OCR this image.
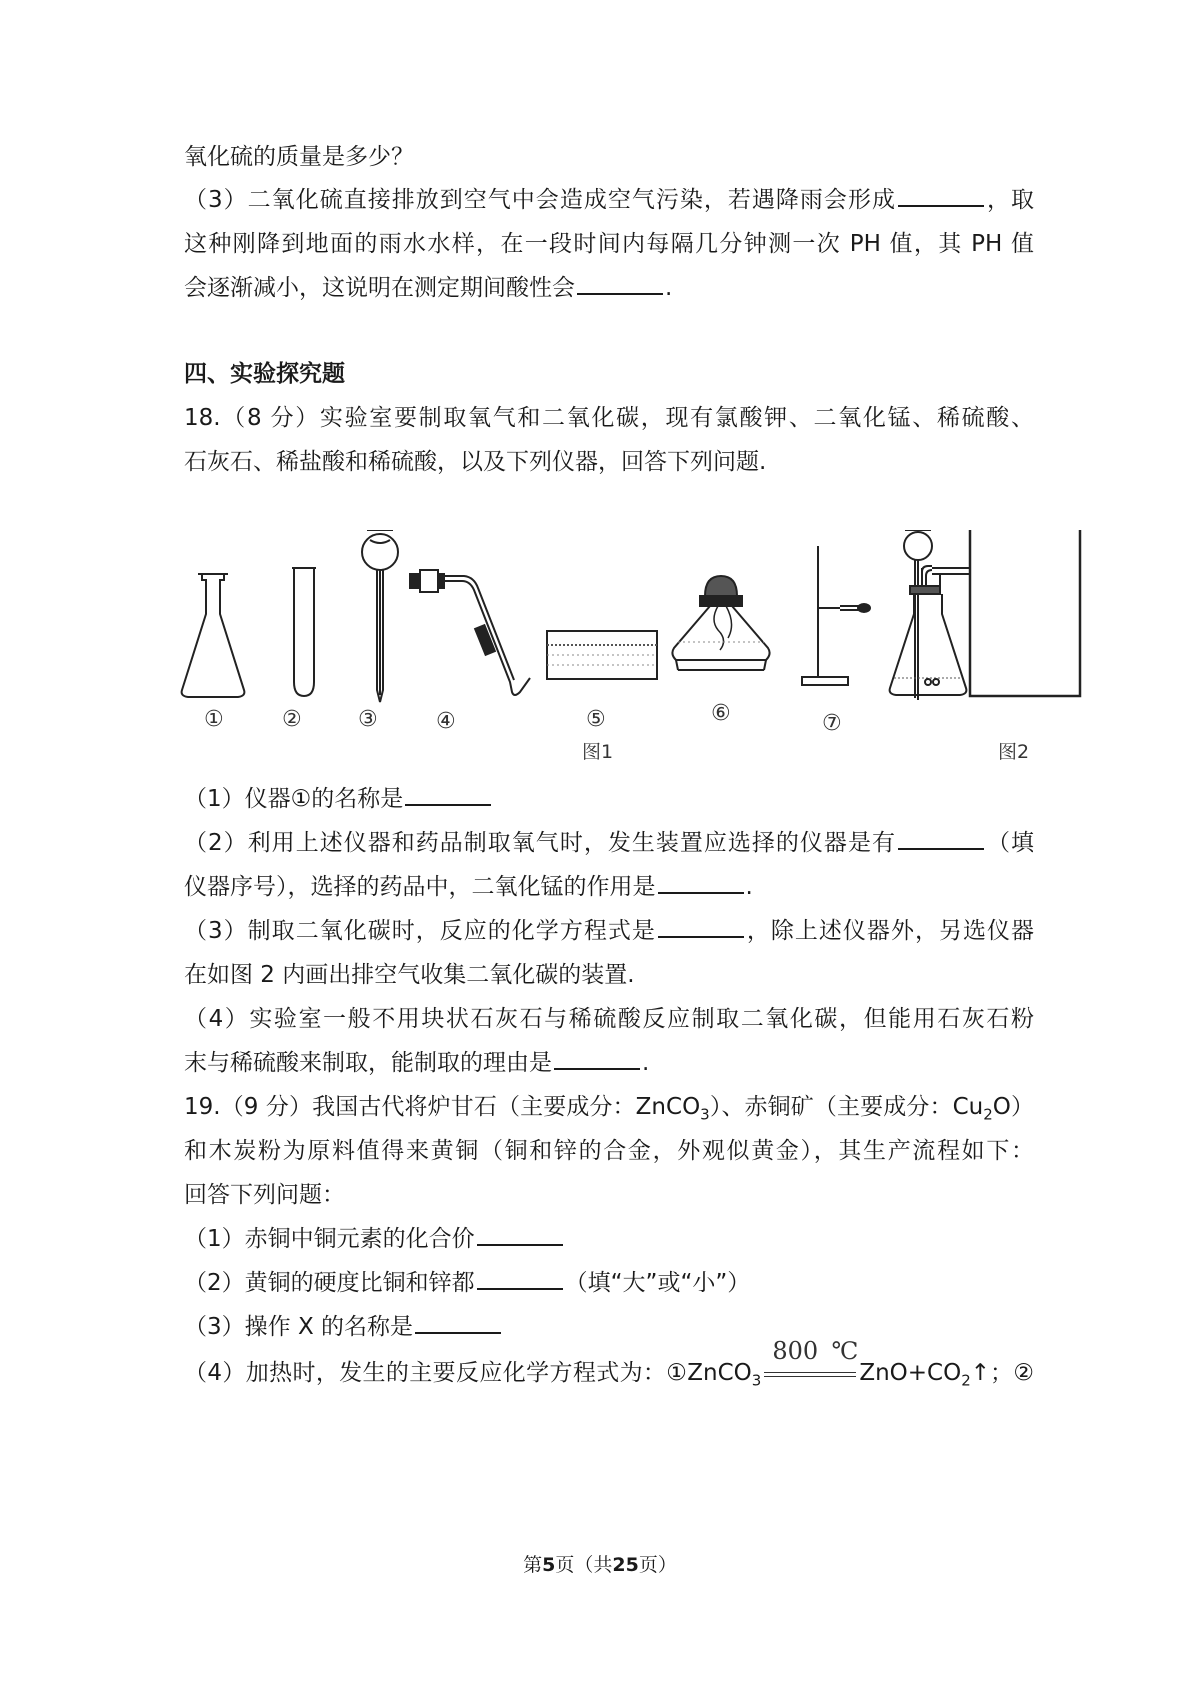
氧化硫的质量是多少？
（3）二氧化硫直接排放到空气中会造成空气污染，若遇降雨会形成	，取
这种刚降到地面的雨水水样，在一段时间内每隔几分钟测一次 PH 值，其 PH 值
会逐渐减小，这说明在测定期间酸性会	.
四、实验探究题
18.（8 分）实验室要制取氧气和二氧化碳，现有氯酸钾、二氧化锰、稀硫酸、
石灰石、稀盐酸和稀硫酸，以及下列仪器，回答下列问题.
①	②	③	④	⑤	⑥	⑦
图1	图2
（1）仪器①的名称是
（2）利用上述仪器和药品制取氧气时，发生装置应选择的仪器是有	（填
仪器序号），选择的药品中，二氧化锰的作用是	.
（3）制取二氧化碳时，反应的化学方程式是	，除上述仪器外，另选仪器
在如图 2 内画出排空气收集二氧化碳的装置.
（4）实验室一般不用块状石灰石与稀硫酸反应制取二氧化碳，但能用石灰石粉
末与稀硫酸来制取，能制取的理由是	.
19.（9 分）我国古代将炉甘石（主要成分：ZnCO$_3$）、赤铜矿（主要成分：$Cu_2O$）
和木炭粉为原料值得来黄铜（铜和锌的合金，外观似黄金），其生产流程如下：
回答下列问题：
（1）赤铜中铜元素的化合价
（2）黄铜的硬度比铜和锌都	（填“大”或“小”）
（3）操作 X 的名称是
（4）加热时，发生的主要反应化学方程式为：①ZnCO$_3$
800℃
$ZnO+CO_2↑$；②
第5页（共25页）
